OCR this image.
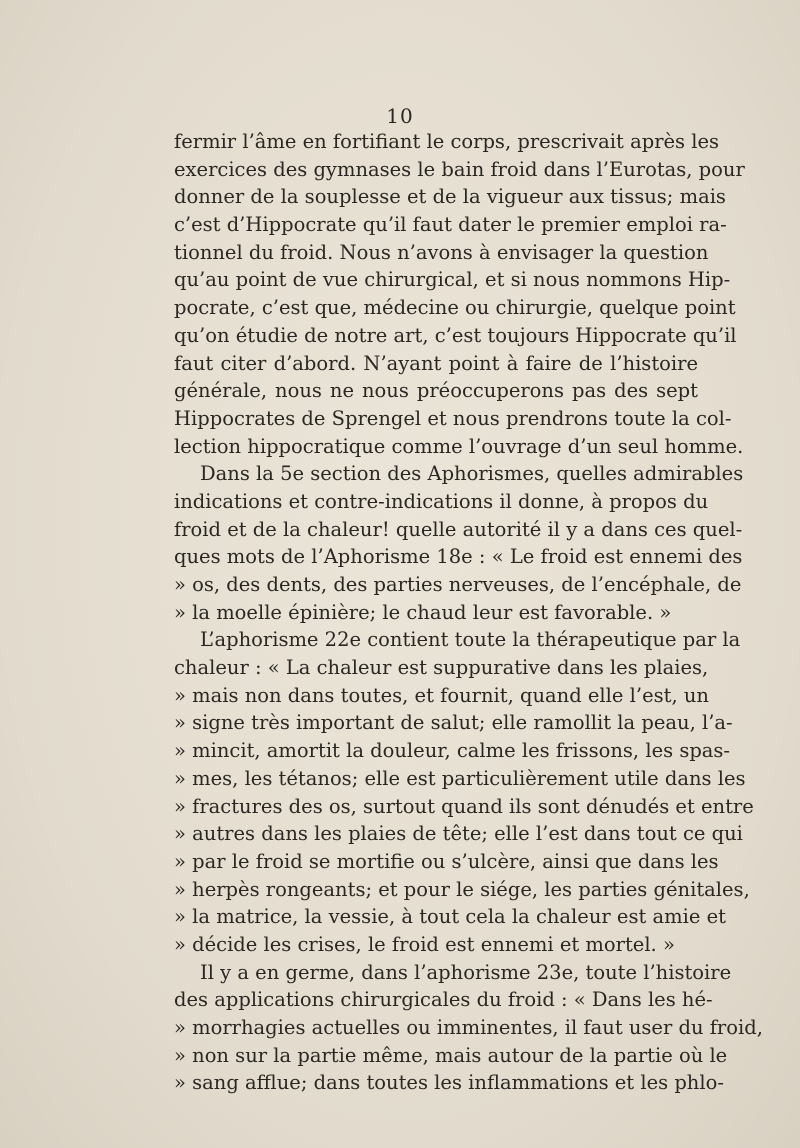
10
fermir l’âme en fortifiant le corps, prescrivait après les
exercices des gymnases le bain froid dans l’Eurotas, pour
donner de la souplesse et de la vigueur aux tissus; mais
c’est d’Hippocrate qu’il faut dater le premier emploi ra-
tionnel du froid. Nous n’avons à envisager la question
qu’au point de vue chirurgical, et si nous nommons Hip-
pocrate, c’est que, médecine ou chirurgie, quelque point
qu’on étudie de notre art, c’est toujours Hippocrate qu’il
faut citer d’abord. N’ayant point à faire de l’histoire
générale, nous ne nous préoccuperons pas des sept
Hippocrates de Sprengel et nous prendrons toute la col-
lection hippocratique comme l’ouvrage d’un seul homme.
Dans la 5e section des Aphorismes, quelles admirables
indications et contre-indications il donne, à propos du
froid et de la chaleur! quelle autorité il y a dans ces quel-
ques mots de l’Aphorisme 18e : « Le froid est ennemi des
» os, des dents, des parties nerveuses, de l’encéphale, de
» la moelle épinière; le chaud leur est favorable. »
L’aphorisme 22e contient toute la thérapeutique par la
chaleur : « La chaleur est suppurative dans les plaies,
» mais non dans toutes, et fournit, quand elle l’est, un
» signe très important de salut; elle ramollit la peau, l’a-
» mincit, amortit la douleur, calme les frissons, les spas-
» mes, les tétanos; elle est particulièrement utile dans les
» fractures des os, surtout quand ils sont dénudés et entre
» autres dans les plaies de tête; elle l’est dans tout ce qui
» par le froid se mortifie ou s’ulcère, ainsi que dans les
» herpès rongeants; et pour le siége, les parties génitales,
» la matrice, la vessie, à tout cela la chaleur est amie et
» décide les crises, le froid est ennemi et mortel. »
Il y a en germe, dans l’aphorisme 23e, toute l’histoire
des applications chirurgicales du froid : « Dans les hé-
» morrhagies actuelles ou imminentes, il faut user du froid,
» non sur la partie même, mais autour de la partie où le
» sang afflue; dans toutes les inflammations et les phlo-
